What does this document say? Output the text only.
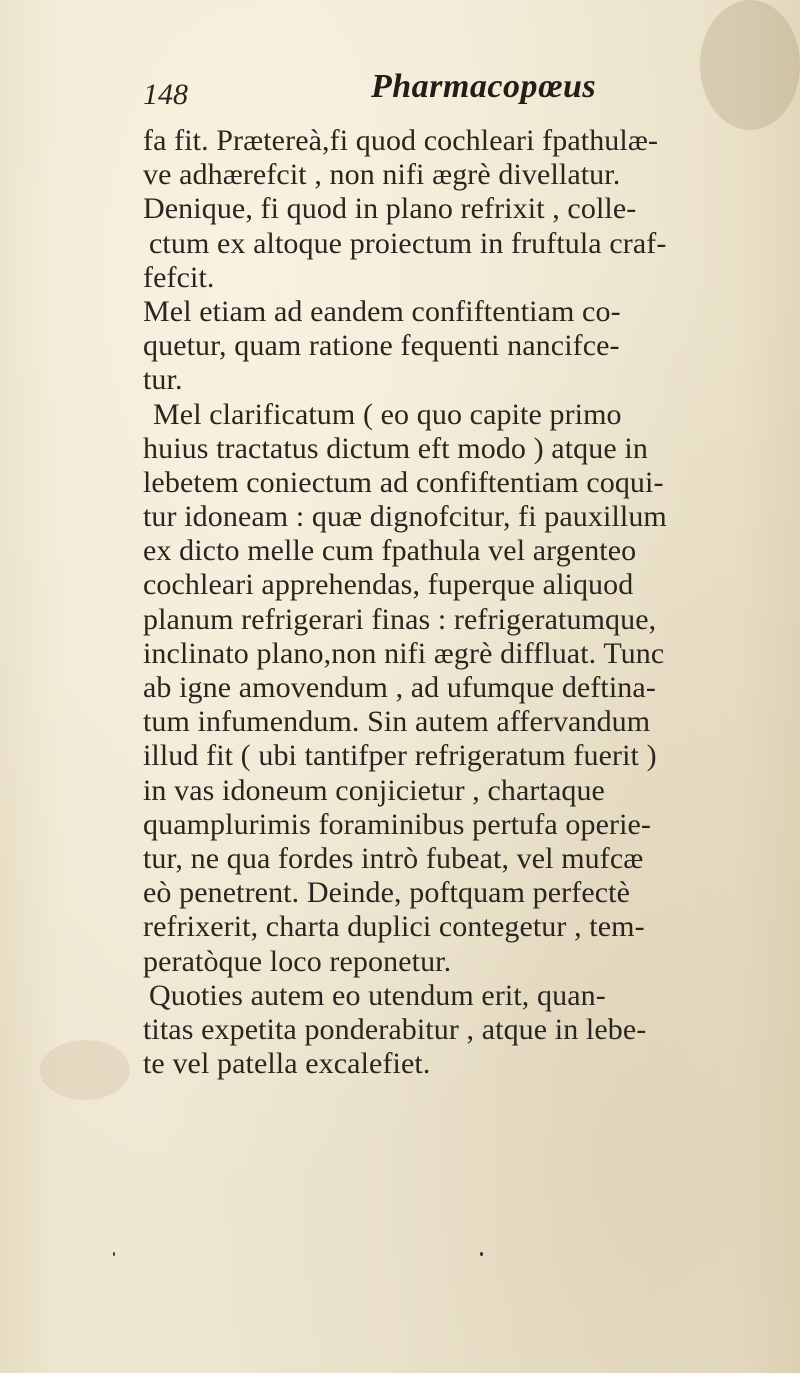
148	Pharmacopœus
fa fit. Prætereà,fi quod cochleari fpathulæ-
ve adhærefcit , non nifi ægrè divellatur.
Denique, fi quod in plano refrixit , colle-
ctum ex altoque proiectum in fruftula craf-
fefcit.
Mel etiam ad eandem confiftentiam co-
quetur, quam ratione fequenti nancifce-
tur.
Mel clarificatum ( eo quo capite primo
huius tractatus dictum eft modo ) atque in
lebetem coniectum ad confiftentiam coqui-
tur idoneam : quæ dignofcitur, fi pauxillum
ex dicto melle cum fpathula vel argenteo
cochleari apprehendas, fuperque aliquod
planum refrigerari finas : refrigeratumque,
inclinato plano,non nifi ægrè diffluat. Tunc
ab igne amovendum , ad ufumque deftina-
tum infumendum. Sin autem affervandum
illud fit ( ubi tantifper refrigeratum fuerit )
in vas idoneum conjicietur , chartaque
quamplurimis foraminibus pertufa operie-
tur, ne qua fordes intrò fubeat, vel mufcæ
eò penetrent. Deinde, poftquam perfectè
refrixerit, charta duplici contegetur , tem-
peratòque loco reponetur.
Quoties autem eo utendum erit, quan-
titas expetita ponderabitur , atque in lebe-
te vel patella excalefiet.
